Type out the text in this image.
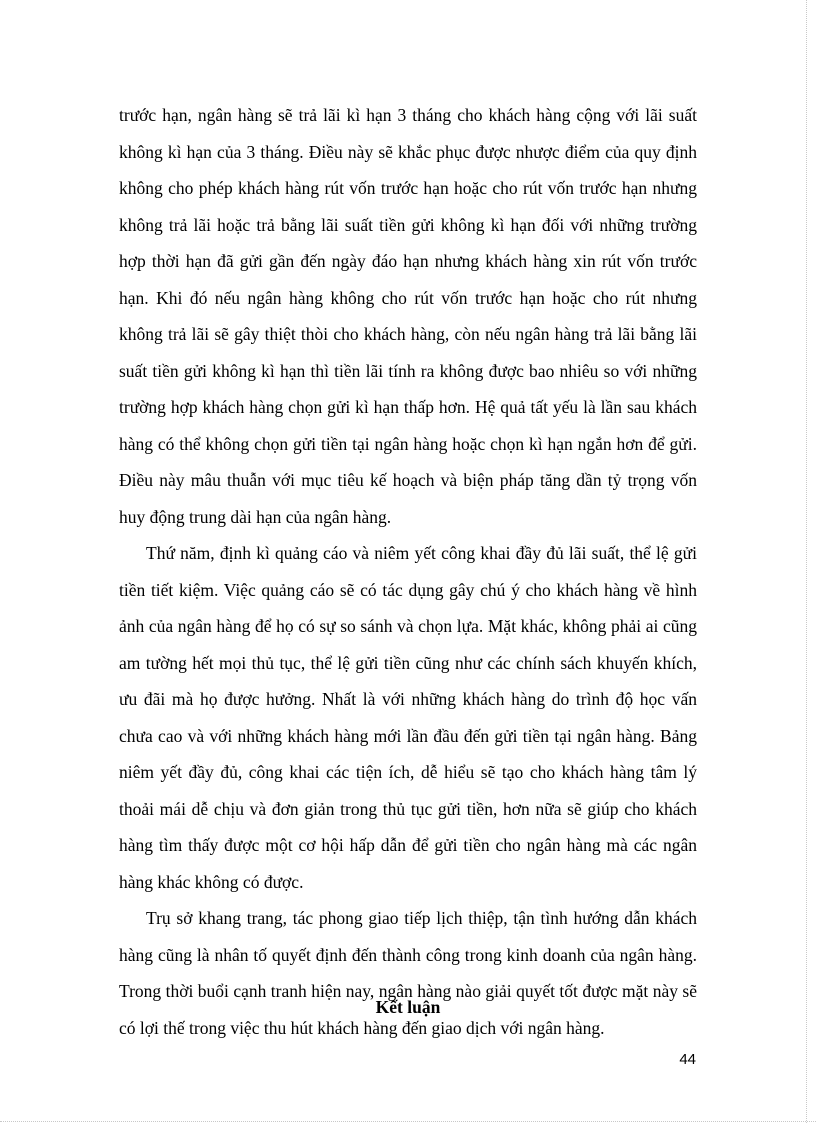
trước hạn, ngân hàng sẽ trả lãi kì hạn 3 tháng cho khách hàng cộng với lãi suất không kì hạn của 3 tháng. Điều này sẽ khắc phục được nhược điểm của quy định không cho phép khách hàng rút vốn trước hạn hoặc cho rút vốn trước hạn nhưng không trả lãi hoặc trả bằng lãi suất tiền gửi không kì hạn đối với những trường hợp thời hạn đã gửi gần đến ngày đáo hạn nhưng khách hàng xin rút vốn trước hạn. Khi đó nếu ngân hàng không cho rút vốn trước hạn hoặc cho rút nhưng không trả lãi sẽ gây thiệt thòi cho khách hàng, còn nếu ngân hàng trả lãi bằng lãi suất tiền gửi không kì hạn thì tiền lãi tính ra không được bao nhiêu so với những trường hợp khách hàng chọn gửi kì hạn thấp hơn. Hệ quả tất yếu là lần sau khách hàng có thể không chọn gửi tiền tại ngân hàng hoặc chọn kì hạn ngắn hơn để gửi. Điều này mâu thuẫn với mục tiêu kế hoạch và biện pháp tăng dần tỷ trọng vốn huy động trung dài hạn của ngân hàng.

Thứ năm, định kì quảng cáo và niêm yết công khai đầy đủ lãi suất, thể lệ gửi tiền tiết kiệm. Việc quảng cáo sẽ có tác dụng gây chú ý cho khách hàng về hình ảnh của ngân hàng để họ có sự so sánh và chọn lựa. Mặt khác, không phải ai cũng am tường hết mọi thủ tục, thể lệ gửi tiền cũng như các chính sách khuyến khích, ưu đãi mà họ được hưởng. Nhất là với những khách hàng do trình độ học vấn chưa cao và với những khách hàng mới lần đầu đến gửi tiền tại ngân hàng. Bảng niêm yết đầy đủ, công khai các tiện ích, dễ hiểu sẽ tạo cho khách hàng tâm lý thoải mái dễ chịu và đơn giản trong thủ tục gửi tiền, hơn nữa sẽ giúp cho khách hàng tìm thấy được một cơ hội hấp dẫn để gửi tiền cho ngân hàng mà các ngân hàng khác không có được.

Trụ sở khang trang, tác phong giao tiếp lịch thiệp, tận tình hướng dẫn khách hàng cũng là nhân tố quyết định đến thành công trong kinh doanh của ngân hàng. Trong thời buổi cạnh tranh hiện nay, ngân hàng nào giải quyết tốt được mặt này sẽ có lợi thế trong việc thu hút khách hàng đến giao dịch với ngân hàng.

Kết luận
44
